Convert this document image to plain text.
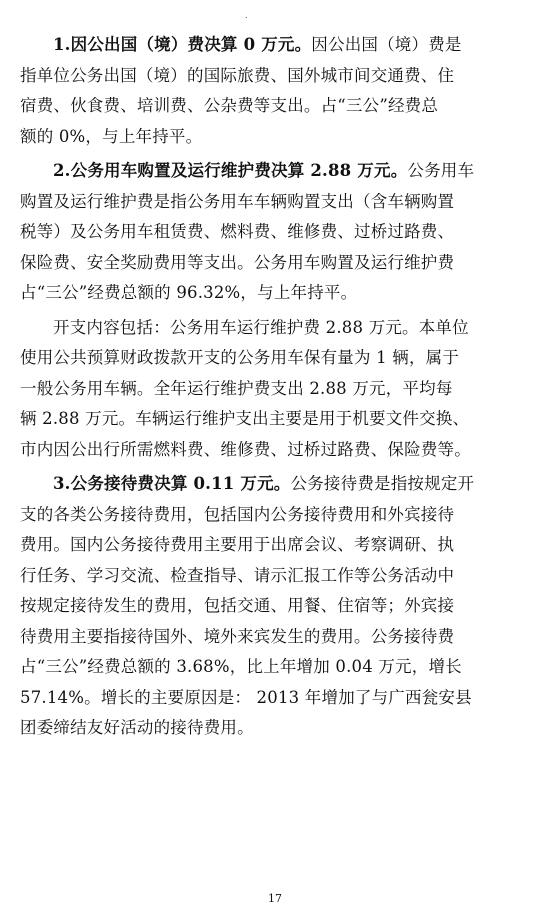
˙
1.因公出国（境）费决算 0 万元。因公出国（境）费是
指单位公务出国（境）的国际旅费、国外城市间交通费、住
宿费、伙食费、培训费、公杂费等支出。占“三公”经费总
额的 0%，与上年持平。
2.公务用车购置及运行维护费决算 2.88 万元。公务用车
购置及运行维护费是指公务用车车辆购置支出（含车辆购置
税等）及公务用车租赁费、燃料费、维修费、过桥过路费、
保险费、安全奖励费用等支出。公务用车购置及运行维护费
占“三公”经费总额的 96.32%，与上年持平。
开支内容包括：公务用车运行维护费 2.88 万元。本单位
使用公共预算财政拨款开支的公务用车保有量为 1 辆，属于
一般公务用车辆。全年运行维护费支出 2.88 万元，平均每
辆 2.88 万元。车辆运行维护支出主要是用于机要文件交换、
市内因公出行所需燃料费、维修费、过桥过路费、保险费等。
3.公务接待费决算 0.11 万元。公务接待费是指按规定开
支的各类公务接待费用，包括国内公务接待费用和外宾接待
费用。国内公务接待费用主要用于出席会议、考察调研、执
行任务、学习交流、检查指导、请示汇报工作等公务活动中
按规定接待发生的费用，包括交通、用餐、住宿等；外宾接
待费用主要指接待国外、境外来宾发生的费用。公务接待费
占“三公”经费总额的 3.68%，比上年增加 0.04 万元，增长
57.14%。增长的主要原因是： 2013 年增加了与广西瓮安县
团委缔结友好活动的接待费用。
17
